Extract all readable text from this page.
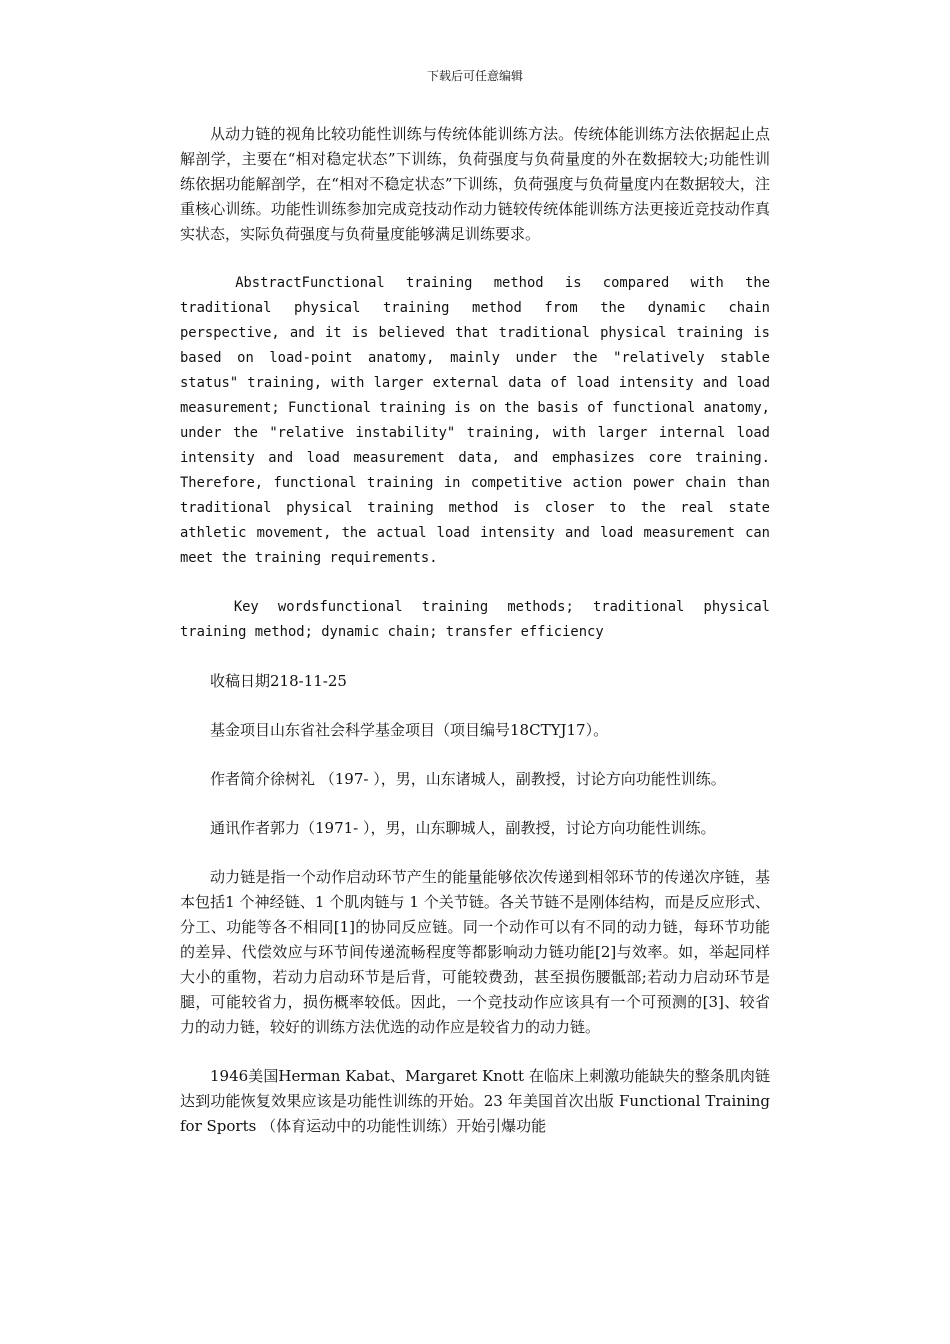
下载后可任意编辑

从动力链的视角比较功能性训练与传统体能训练方法。传统体能训练方法依据起止点解剖学，主要在“相对稳定状态”下训练，负荷强度与负荷量度的外在数据较大;功能性训练依据功能解剖学，在“相对不稳定状态”下训练，负荷强度与负荷量度内在数据较大，注重核心训练。功能性训练参加完成竞技动作动力链较传统体能训练方法更接近竞技动作真实状态，实际负荷强度与负荷量度能够满足训练要求。

AbstractFunctional training method is compared with the traditional physical training method from the dynamic chain perspective, and it is believed that traditional physical training is based on load-point anatomy, mainly under the "relatively stable status" training, with larger external data of load intensity and load measurement; Functional training is on the basis of functional anatomy, under the "relative instability" training, with larger internal load intensity and load measurement data, and emphasizes core training. Therefore, functional training in competitive action power chain than traditional physical training method is closer to the real state athletic movement, the actual load intensity and load measurement can meet the training requirements.

Key wordsfunctional training methods; traditional physical training method; dynamic chain; transfer efficiency

收稿日期218-11-25

基金项目山东省社会科学基金项目（项目编号18CTYJ17）。

作者简介徐树礼 （197- ），男，山东诸城人，副教授，讨论方向功能性训练。

通讯作者郭力（1971- ），男，山东聊城人，副教授，讨论方向功能性训练。

动力链是指一个动作启动环节产生的能量能够依次传递到相邻环节的传递次序链，基本包括1 个神经链、1 个肌肉链与 1 个关节链。各关节链不是刚体结构，而是反应形式、分工、功能等各不相同[1]的协同反应链。同一个动作可以有不同的动力链，每环节功能的差异、代偿效应与环节间传递流畅程度等都影响动力链功能[2]与效率。如，举起同样大小的重物，若动力启动环节是后背，可能较费劲，甚至损伤腰骶部;若动力启动环节是腿，可能较省力，损伤概率较低。因此，一个竞技动作应该具有一个可预测的[3]、较省力的动力链，较好的训练方法优选的动作应是较省力的动力链。

1946美国Herman Kabat、Margaret Knott 在临床上刺激功能缺失的整条肌肉链达到功能恢复效果应该是功能性训练的开始。23 年美国首次出版 Functional Training for Sports （体育运动中的功能性训练）开始引爆功能
